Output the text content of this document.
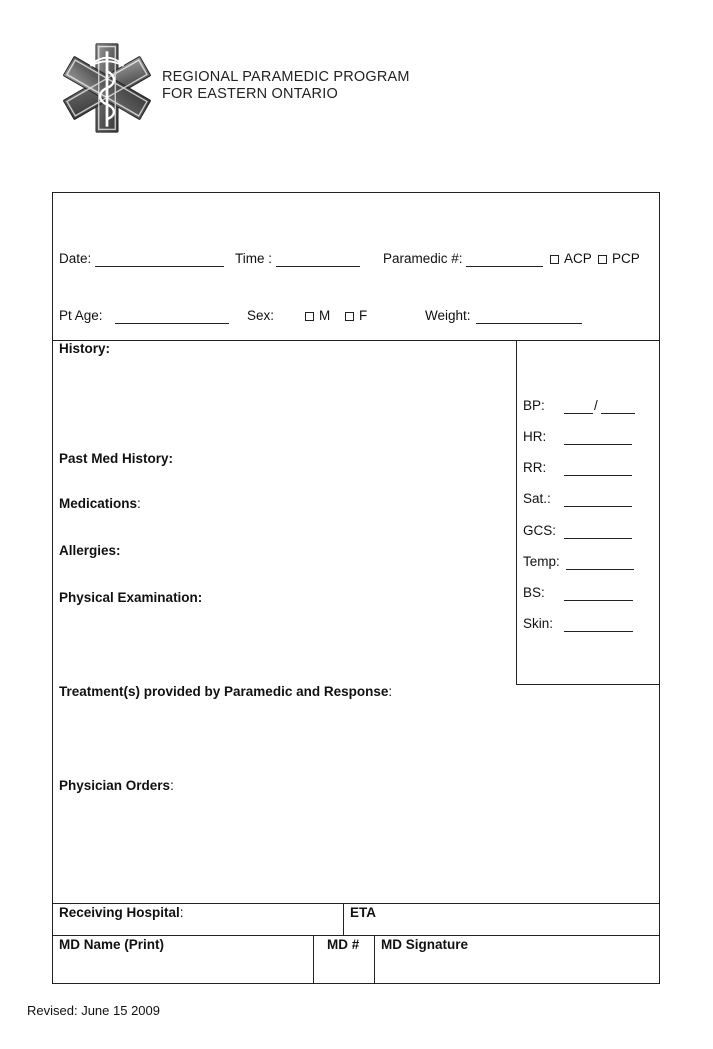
REGIONAL PARAMEDIC PROGRAM
FOR EASTERN ONTARIO
Date:	Time :	Paramedic #:	ACP PCP
Pt Age:	Sex:	M F	Weight:
History:
Past Med History:
Medications:
Allergies:
Physical Examination:
Treatment(s) provided by Paramedic and Response:
Physician Orders:
BP:	/
HR:
RR:
Sat.:
GCS:
Temp:
BS:
Skin:
Receiving Hospital:	ETA
MD Name (Print)	MD # MD Signature
Revised: June 15 2009
